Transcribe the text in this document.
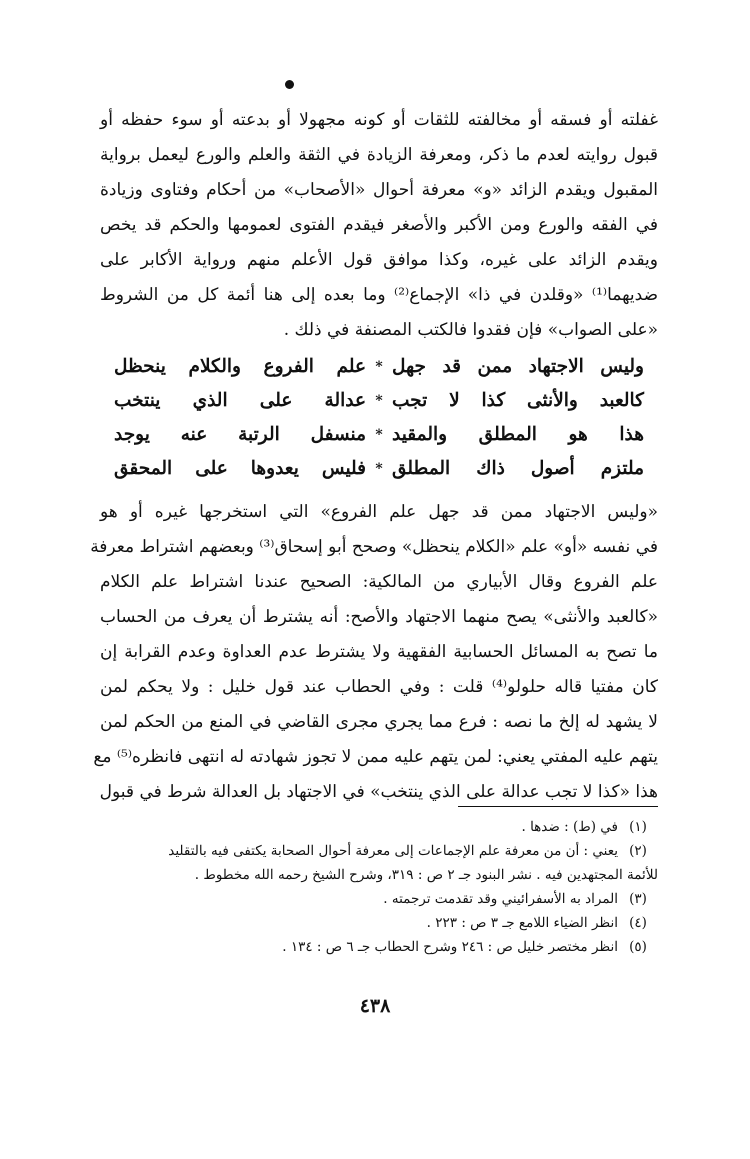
غفلته أو فسقه أو مخالفته للثقات أو كونه مجهولا أو بدعته أو سوء حفظه أو
قبول روايته لعدم ما ذكر، ومعرفة الزيادة في الثقة والعلم والورع ليعمل برواية
المقبول ويقدم الزائد «و» معرفة أحوال «الأصحاب» من أحكام وفتاوى وزيادة
في الفقه والورع ومن الأكبر والأصغر فيقدم الفتوى لعمومها والحكم قد يخص
ويقدم الزائد على غيره، وكذا موافق قول الأعلم منهم ورواية الأكابر على
ضديهما⁽¹⁾ «وقلدن في ذا» الإجماع⁽²⁾ وما بعده إلى هنا أئمة كل من الشروط
«على الصواب» فإن فقدوا فالكتب المصنفة في ذلك .
وليس الاجتهاد ممن قد جهل
*
علم الفروع والكلام ينحظل
كالعبد والأنثى كذا لا تجب
*
عدالة على الذي ينتخب
هذا هو المطلق والمقيد
*
منسفل الرتبة عنه يوجد
ملتزم أصول ذاك المطلق
*
فليس يعدوها على المحقق
«وليس الاجتهاد ممن قد جهل علم الفروع» التي استخرجها غيره أو هو
في نفسه «أو» علم «الكلام ينحظل» وصحح أبو إسحاق⁽³⁾ وبعضهم اشتراط معرفة
علم الفروع وقال الأبياري من المالكية: الصحيح عندنا اشتراط علم الكلام
«كالعبد والأنثى» يصح منهما الاجتهاد والأصح: أنه يشترط أن يعرف من الحساب
ما تصح به المسائل الحسابية الفقهية ولا يشترط عدم العداوة وعدم القرابة إن
كان مفتيا قاله حلولو⁽⁴⁾ قلت : وفي الحطاب عند قول خليل : ولا يحكم لمن
لا يشهد له إلخ ما نصه : فرع مما يجري مجرى القاضي في المنع من الحكم لمن
يتهم عليه المفتي يعني: لمن يتهم عليه ممن لا تجوز شهادته له انتهى فانظره⁽⁵⁾ مع
هذا «كذا لا تجب عدالة على الذي ينتخب» في الاجتهاد بل العدالة شرط في قبول
(١)
في (ط) : ضدها .
(٢)
يعني : أن من معرفة علم الإجماعات إلى معرفة أحوال الصحابة يكتفى فيه بالتقليد
للأئمة المجتهدين فيه . نشر البنود جـ ٢ ص : ٣١٩، وشرح الشيخ رحمه الله مخطوط .
(٣)
المراد به الأسفرائيني وقد تقدمت ترجمته .
(٤)
انظر الضياء اللامع جـ ٣ ص : ٢٢٣ .
(٥)
انظر مختصر خليل ص : ٢٤٦ وشرح الحطاب جـ ٦ ص : ١٣٤ .
٤٣٨
